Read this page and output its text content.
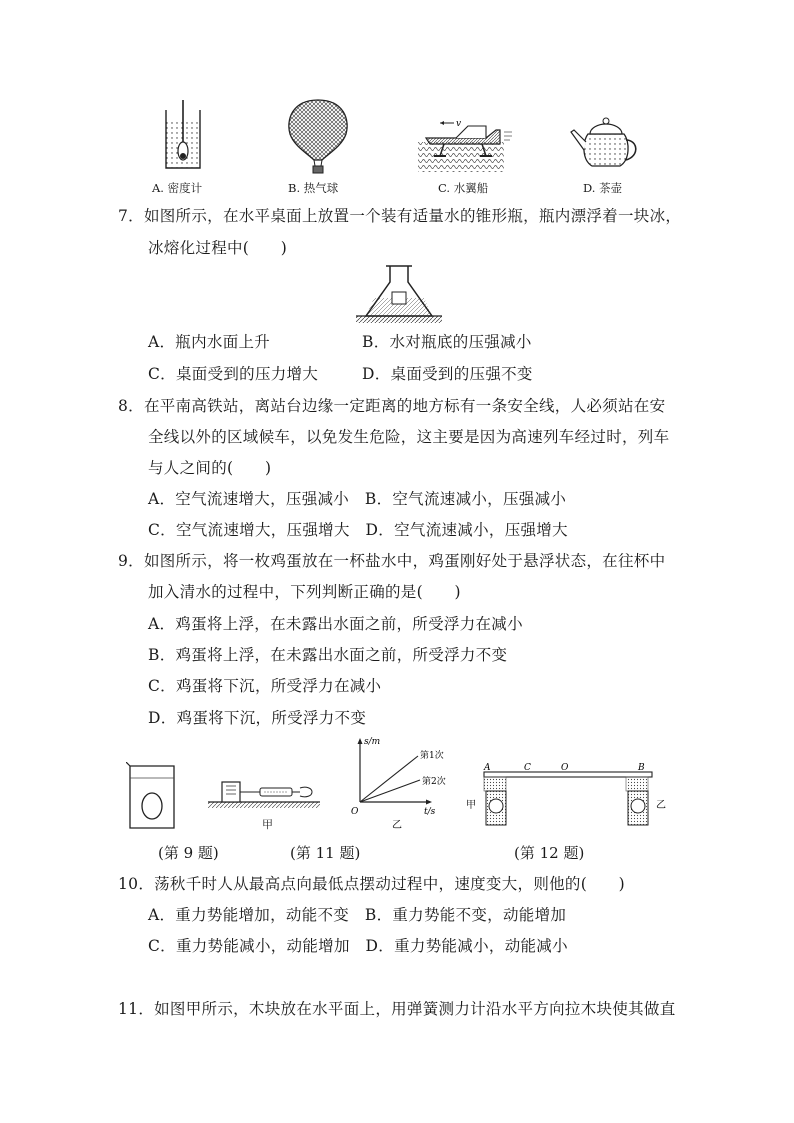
v
A. 密度计	B. 热气球	C. 水翼船	D. 茶壶
7．如图所示，在水平桌面上放置一个装有适量水的锥形瓶，瓶内漂浮着一块冰，
冰熔化过程中(　　)
A．瓶内水面上升	B．水对瓶底的压强减小
C．桌面受到的压力增大	D．桌面受到的压强不变
8．在平南高铁站，离站台边缘一定距离的地方标有一条安全线，人必须站在安
全线以外的区域候车，以免发生危险，这主要是因为高速列车经过时，列车
与人之间的(　　)
A．空气流速增大，压强减小　B．空气流速减小，压强减小
C．空气流速增大，压强增大　D．空气流速减小，压强增大
9．如图所示，将一枚鸡蛋放在一杯盐水中，鸡蛋刚好处于悬浮状态，在往杯中
加入清水的过程中，下列判断正确的是(　　)
A．鸡蛋将上浮，在未露出水面之前，所受浮力在减小
B．鸡蛋将上浮，在未露出水面之前，所受浮力不变
C．鸡蛋将下沉，所受浮力在减小
D．鸡蛋将下沉，所受浮力不变
甲
s/m
t/s
O
第1次
第2次
乙
A	C	O	B
甲	乙
(第 9 题)	(第 11 题)	(第 12 题)
10．荡秋千时人从最高点向最低点摆动过程中，速度变大，则他的(　　)
A．重力势能增加，动能不变　B．重力势能不变，动能增加
C．重力势能减小，动能增加　D．重力势能减小，动能减小
11．如图甲所示，木块放在水平面上，用弹簧测力计沿水平方向拉木块使其做直
